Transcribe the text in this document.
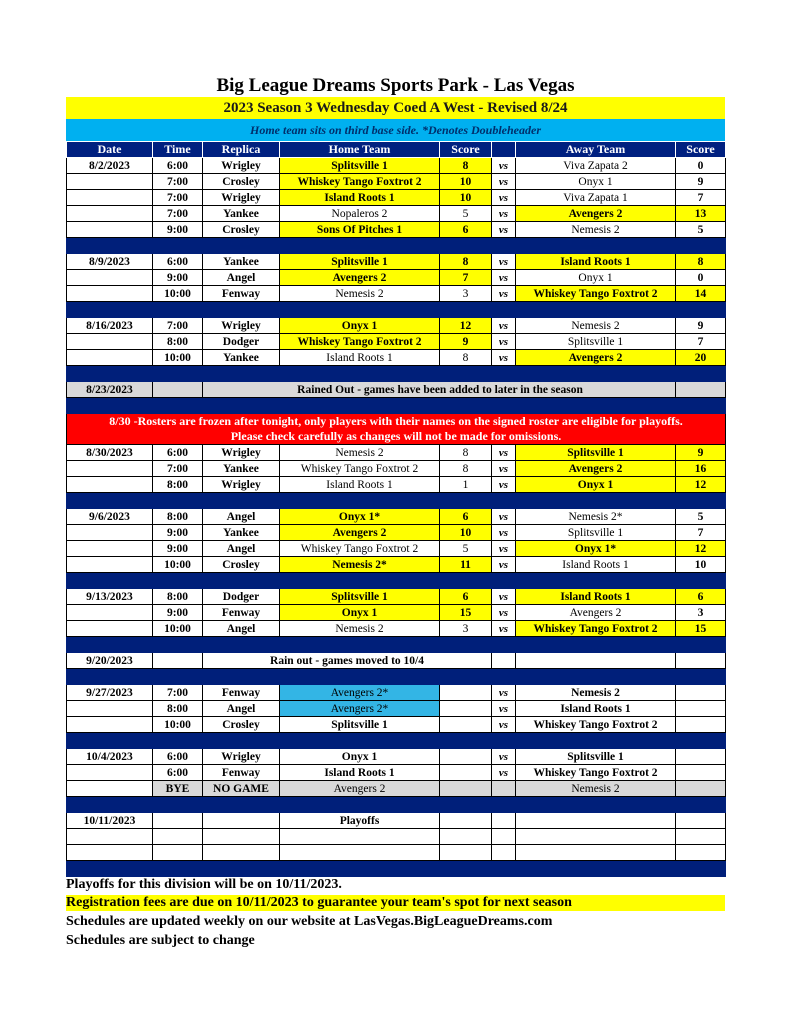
Big League Dreams Sports Park - Las Vegas
2023 Season 3 Wednesday Coed A West - Revised 8/24
Home team sits on third base side. *Denotes Doubleheader
Date	Time	Replica	Home Team	Score		Away Team	Score
8/2/2023	6:00	Wrigley	Splitsville 1	8	vs	Viva Zapata 2	0
	7:00	Crosley	Whiskey Tango Foxtrot 2	10	vs	Onyx 1	9
	7:00	Wrigley	Island Roots 1	10	vs	Viva Zapata 1	7
	7:00	Yankee	Nopaleros 2	5	vs	Avengers 2	13
	9:00	Crosley	Sons Of Pitches 1	6	vs	Nemesis 2	5

8/9/2023	6:00	Yankee	Splitsville 1	8	vs	Island Roots 1	8
	9:00	Angel	Avengers 2	7	vs	Onyx 1	0
	10:00	Fenway	Nemesis 2	3	vs	Whiskey Tango Foxtrot 2	14

8/16/2023	7:00	Wrigley	Onyx 1	12	vs	Nemesis 2	9
	8:00	Dodger	Whiskey Tango Foxtrot 2	9	vs	Splitsville 1	7
	10:00	Yankee	Island Roots 1	8	vs	Avengers 2	20

8/23/2023		Rained Out - games have been added to later in the season					

8/30 -Rosters are frozen after tonight, only players with their names on the signed roster are eligible for playoffs.
Please check carefully as changes will not be made for omissions.							

8/30/2023	6:00	Wrigley	Nemesis 2	8	vs	Splitsville 1	9
	7:00	Yankee	Whiskey Tango Foxtrot 2	8	vs	Avengers 2	16
	8:00	Wrigley	Island Roots 1	1	vs	Onyx 1	12

9/6/2023	8:00	Angel	Onyx 1*	6	vs	Nemesis 2*	5
	9:00	Yankee	Avengers 2	10	vs	Splitsville 1	7
	9:00	Angel	Whiskey Tango Foxtrot 2	5	vs	Onyx 1*	12
	10:00	Crosley	Nemesis 2*	11	vs	Island Roots 1	10

9/13/2023	8:00	Dodger	Splitsville 1	6	vs	Island Roots 1	6
	9:00	Fenway	Onyx 1	15	vs	Avengers 2	3
	10:00	Angel	Nemesis 2	3	vs	Whiskey Tango Foxtrot 2	15

9/20/2023		Rain out - games moved to 10/4					

9/27/2023	7:00	Fenway	Avengers 2*		vs	Nemesis 2	
	8:00	Angel	Avengers 2*		vs	Island Roots 1	
	10:00	Crosley	Splitsville 1		vs	Whiskey Tango Foxtrot 2	

10/4/2023	6:00	Wrigley	Onyx 1		vs	Splitsville 1	
	6:00	Fenway	Island Roots 1		vs	Whiskey Tango Foxtrot 2	
	BYE	NO GAME	Avengers 2			Nemesis 2	

10/11/2023			Playoffs				

Playoffs for this division will be on 10/11/2023.
Registration fees are due on 10/11/2023 to guarantee your team's spot for next season
Schedules are updated weekly on our website at LasVegas.BigLeagueDreams.com
Schedules are subject to change
